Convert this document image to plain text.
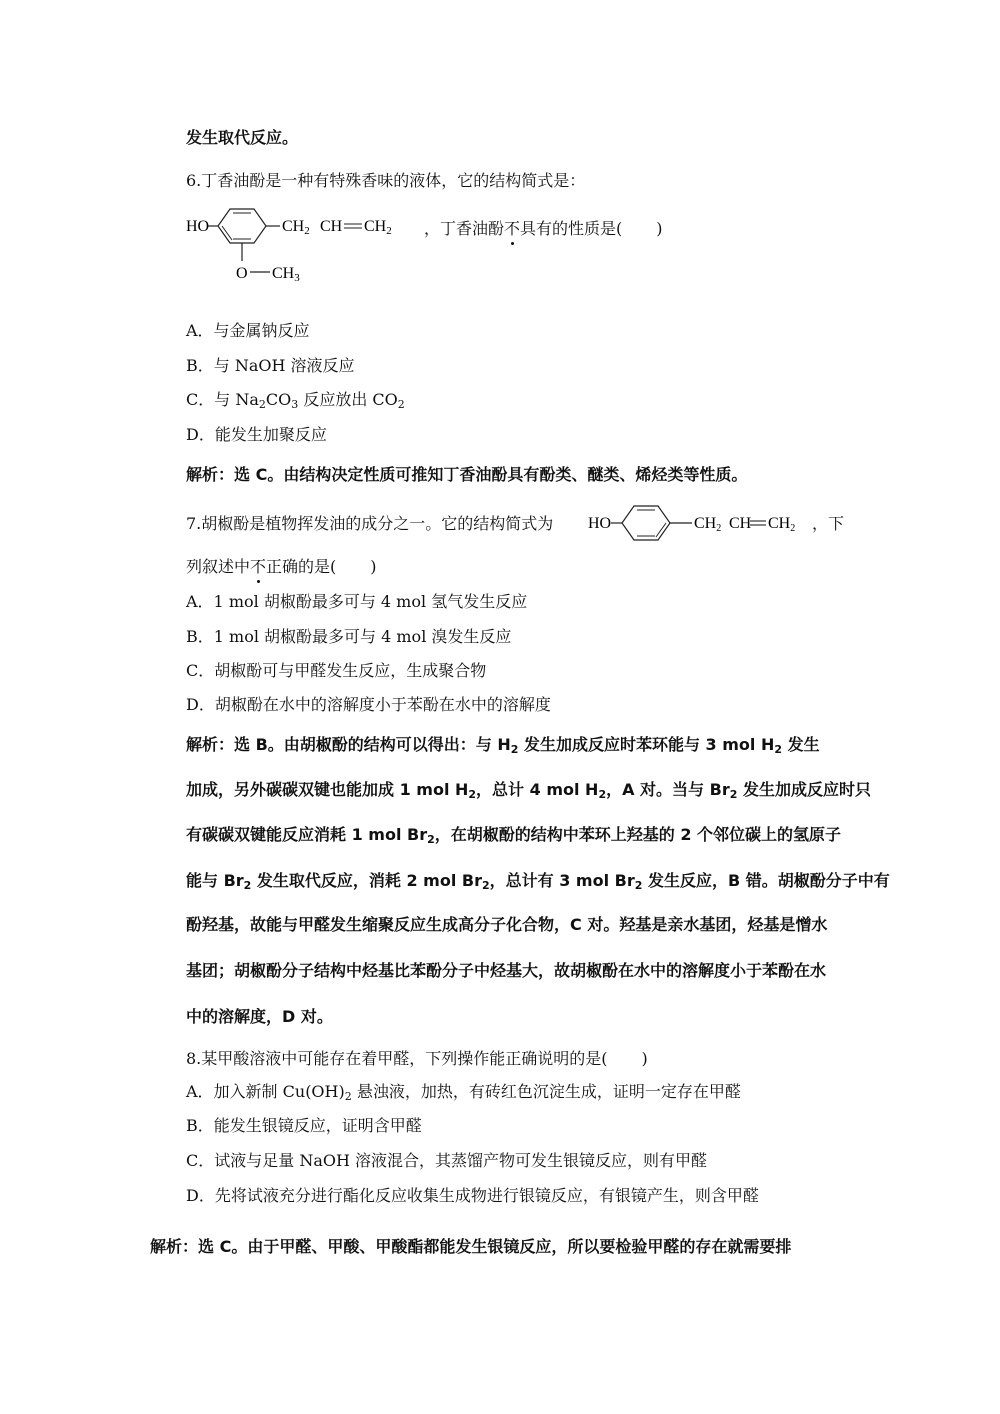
发生取代反应。
6.丁香油酚是一种有特殊香味的液体，它的结构简式是：
HO	CH2 CH CH2
O CH3
，丁香油酚不具有的性质是( )
A．与金属钠反应
B．与 NaOH 溶液反应
C．与 $Na_2CO_3$ 反应放出 $CO_2$
D．能发生加聚反应
解析：选 C。由结构决定性质可推知丁香油酚具有酚类、醚类、烯烃类等性质。
7.胡椒酚是植物挥发油的成分之一。它的结构简式为 HO	CH2 CH CH2 ，下
列叙述中不正确的是( )
A．1 mol 胡椒酚最多可与 4 mol 氢气发生反应
B．1 mol 胡椒酚最多可与 4 mol 溴发生反应
C．胡椒酚可与甲醛发生反应，生成聚合物
D．胡椒酚在水中的溶解度小于苯酚在水中的溶解度
解析：选 B。由胡椒酚的结构可以得出：与 $H_2$ 发生加成反应时苯环能与 3 mol $H_2$ 发生
加成，另外碳碳双键也能加成 1 mol $H_2$，总计 4 mol $H_2$，A 对。当与 $Br_2$ 发生加成反应时只
有碳碳双键能反应消耗 1 mol $Br_2$，在胡椒酚的结构中苯环上羟基的 2 个邻位碳上的氢原子
能与 $Br_2$ 发生取代反应，消耗 2 mol $Br_2$，总计有 3 mol $Br_2$ 发生反应，B 错。胡椒酚分子中有
酚羟基，故能与甲醛发生缩聚反应生成高分子化合物，C 对。羟基是亲水基团，烃基是憎水
基团；胡椒酚分子结构中烃基比苯酚分子中烃基大，故胡椒酚在水中的溶解度小于苯酚在水
中的溶解度，D 对。
8.某甲酸溶液中可能存在着甲醛，下列操作能正确说明的是( )
A．加入新制 $Cu(OH)_2$ 悬浊液，加热，有砖红色沉淀生成，证明一定存在甲醛
B．能发生银镜反应，证明含甲醛
C．试液与足量 NaOH 溶液混合，其蒸馏产物可发生银镜反应，则有甲醛
D．先将试液充分进行酯化反应收集生成物进行银镜反应，有银镜产生，则含甲醛
解析：选 C。由于甲醛、甲酸、甲酸酯都能发生银镜反应，所以要检验甲醛的存在就需要排
